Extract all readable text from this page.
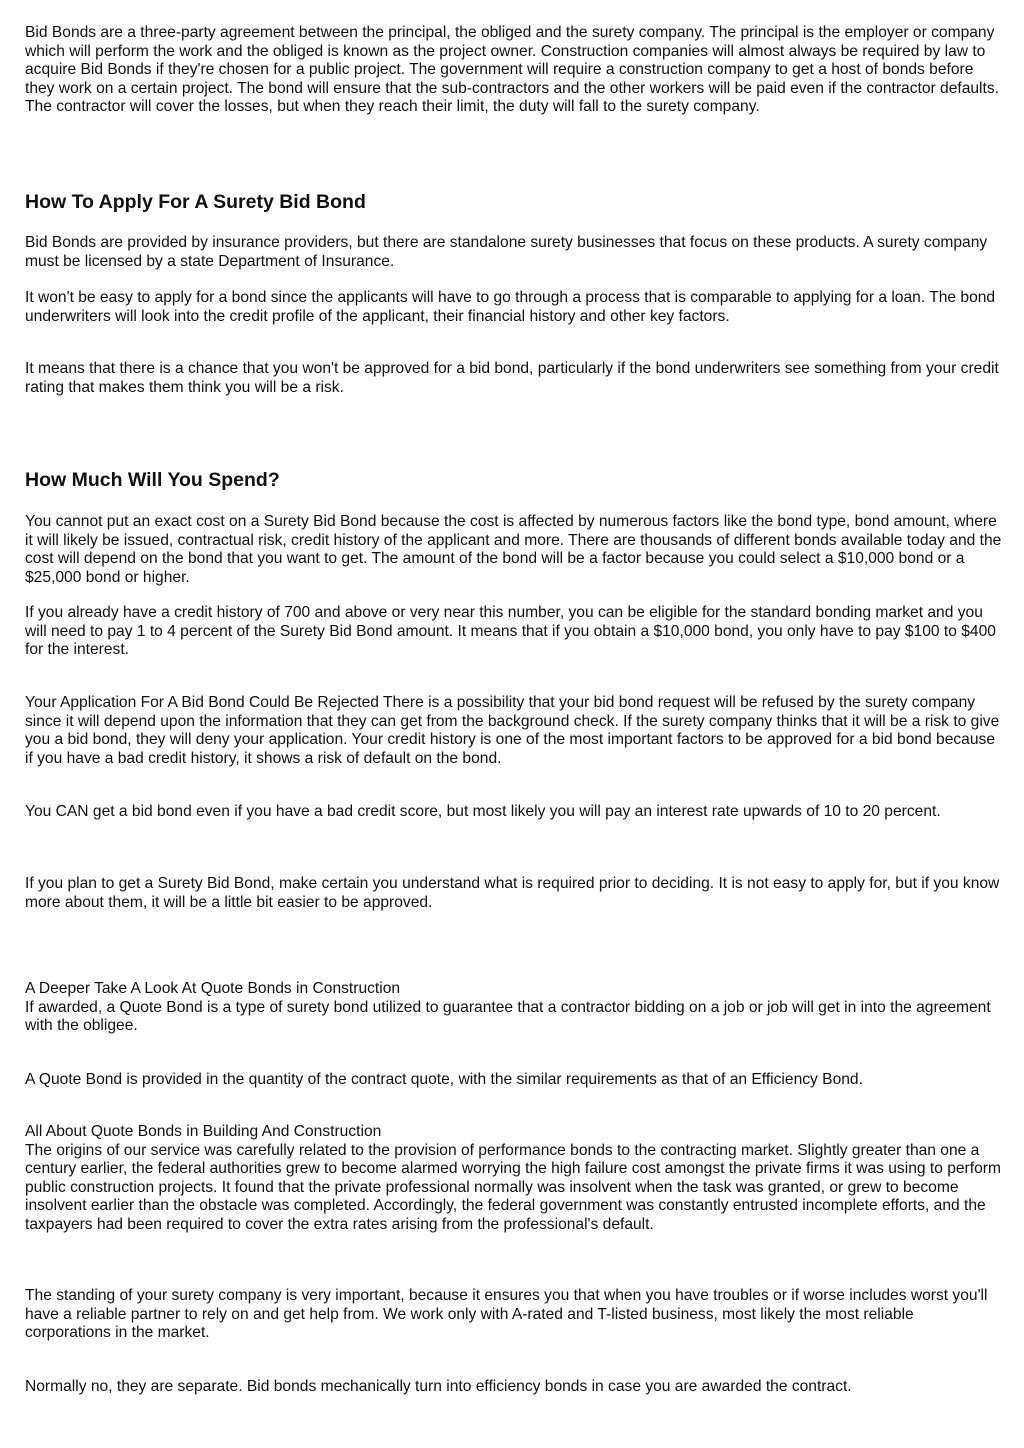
Bid Bonds are a three-party agreement between the principal, the obliged and the surety company. The principal is the employer or company which will perform the work and the obliged is known as the project owner. Construction companies will almost always be required by law to acquire Bid Bonds if they're chosen for a public project. The government will require a construction company to get a host of bonds before they work on a certain project. The bond will ensure that the sub-contractors and the other workers will be paid even if the contractor defaults. The contractor will cover the losses, but when they reach their limit, the duty will fall to the surety company.

How To Apply For A Surety Bid Bond

Bid Bonds are provided by insurance providers, but there are standalone surety businesses that focus on these products. A surety company must be licensed by a state Department of Insurance.

It won't be easy to apply for a bond since the applicants will have to go through a process that is comparable to applying for a loan. The bond underwriters will look into the credit profile of the applicant, their financial history and other key factors.

It means that there is a chance that you won't be approved for a bid bond, particularly if the bond underwriters see something from your credit rating that makes them think you will be a risk.

How Much Will You Spend?

You cannot put an exact cost on a Surety Bid Bond because the cost is affected by numerous factors like the bond type, bond amount, where it will likely be issued, contractual risk, credit history of the applicant and more. There are thousands of different bonds available today and the cost will depend on the bond that you want to get. The amount of the bond will be a factor because you could select a $10,000 bond or a $25,000 bond or higher.

If you already have a credit history of 700 and above or very near this number, you can be eligible for the standard bonding market and you will need to pay 1 to 4 percent of the Surety Bid Bond amount. It means that if you obtain a $10,000 bond, you only have to pay $100 to $400 for the interest.

Your Application For A Bid Bond Could Be Rejected There is a possibility that your bid bond request will be refused by the surety company since it will depend upon the information that they can get from the background check. If the surety company thinks that it will be a risk to give you a bid bond, they will deny your application. Your credit history is one of the most important factors to be approved for a bid bond because if you have a bad credit history, it shows a risk of default on the bond.

You CAN get a bid bond even if you have a bad credit score, but most likely you will pay an interest rate upwards of 10 to 20 percent.

If you plan to get a Surety Bid Bond, make certain you understand what is required prior to deciding. It is not easy to apply for, but if you know more about them, it will be a little bit easier to be approved.

A Deeper Take A Look At Quote Bonds in Construction
If awarded, a Quote Bond is a type of surety bond utilized to guarantee that a contractor bidding on a job or job will get in into the agreement with the obligee.

A Quote Bond is provided in the quantity of the contract quote, with the similar requirements as that of an Efficiency Bond.

All About Quote Bonds in Building And Construction
The origins of our service was carefully related to the provision of performance bonds to the contracting market. Slightly greater than one a century earlier, the federal authorities grew to become alarmed worrying the high failure cost amongst the private firms it was using to perform public construction projects. It found that the private professional normally was insolvent when the task was granted, or grew to become insolvent earlier than the obstacle was completed. Accordingly, the federal government was constantly entrusted incomplete efforts, and the taxpayers had been required to cover the extra rates arising from the professional's default.

The standing of your surety company is very important, because it ensures you that when you have troubles or if worse includes worst you'll have a reliable partner to rely on and get help from. We work only with A-rated and T-listed business, most likely the most reliable corporations in the market.

Normally no, they are separate. Bid bonds mechanically turn into efficiency bonds in case you are awarded the contract.
